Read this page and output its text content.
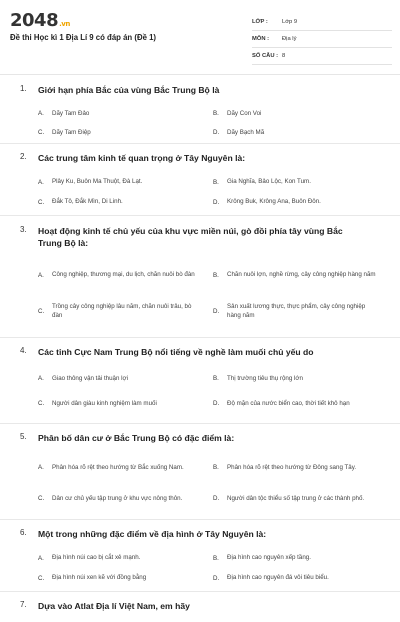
2048.vn
Đề thi Học kì 1 Địa Lí 9 có đáp án (Đề 1)
LỚP :	Lớp 9
MÔN :	Địa lý
SỐ CÂU : 8
1.	Giới hạn phía Bắc của vùng Bắc Trung Bộ là
A.	Dãy Tam Đảo	B.	Dãy Con Voi
C.	Dãy Tam Điệp	D.	Dãy Bạch Mã
2.	Các trung tâm kinh tế quan trọng ở Tây Nguyên là:
A.	Plây Ku, Buôn Ma Thuột, Đà Lạt.	B.	Gia Nghĩa, Bảo Lộc, Kon Tum.
C.	Đắk Tô, Đắk Mìn, Di Linh.	D.	Krông Buk, Krông Ana, Buôn Đôn.
3.	Hoạt động kinh tế chủ yếu của khu vực miền núi, gò đồi phía tây vùng Bắc Trung Bộ là:
A.	Công nghiệp, thương mại, du lịch, chăn nuôi bò đàn	B.	Chăn nuôi lợn, nghề rừng, cây công nghiệp hàng năm
C.
Trồng cây công nghiệp lâu năm, chăn nuôi trâu, bò đàn
D.
Sản xuất lương thực, thực phẩm, cây công nghiệp hàng năm
4.	Các tỉnh Cực Nam Trung Bộ nổi tiếng về nghề làm muối chủ yếu do
A.	Giao thông vận tải thuận lợi	B.	Thị trường tiêu thụ rộng lớn
C.	Người dân giàu kinh nghiệm làm muối	D.	Độ mặn của nước biển cao, thời tiết khô hạn
5.	Phân bố dân cư ở Bắc Trung Bộ có đặc điểm là:
A.	Phân hóa rõ rệt theo hướng từ Bắc xuống Nam.	B.	Phân hóa rõ rệt theo hướng từ Đông sang Tây.
C.	Dân cư chủ yếu tập trung ở khu vực nông thôn.	D.	Người dân tộc thiểu số tập trung ở các thành phố.
6.	Một trong những đặc điểm về địa hình ở Tây Nguyên là:
A.	Địa hình núi cao bị cắt xẻ mạnh.	B.	Địa hình cao nguyên xếp tầng.
C.	Địa hình núi xen kẽ với đồng bằng	D.	Địa hình cao nguyên đá vôi tiêu biểu.
7.	Dựa vào Atlat Địa lí Việt Nam, em hãy
